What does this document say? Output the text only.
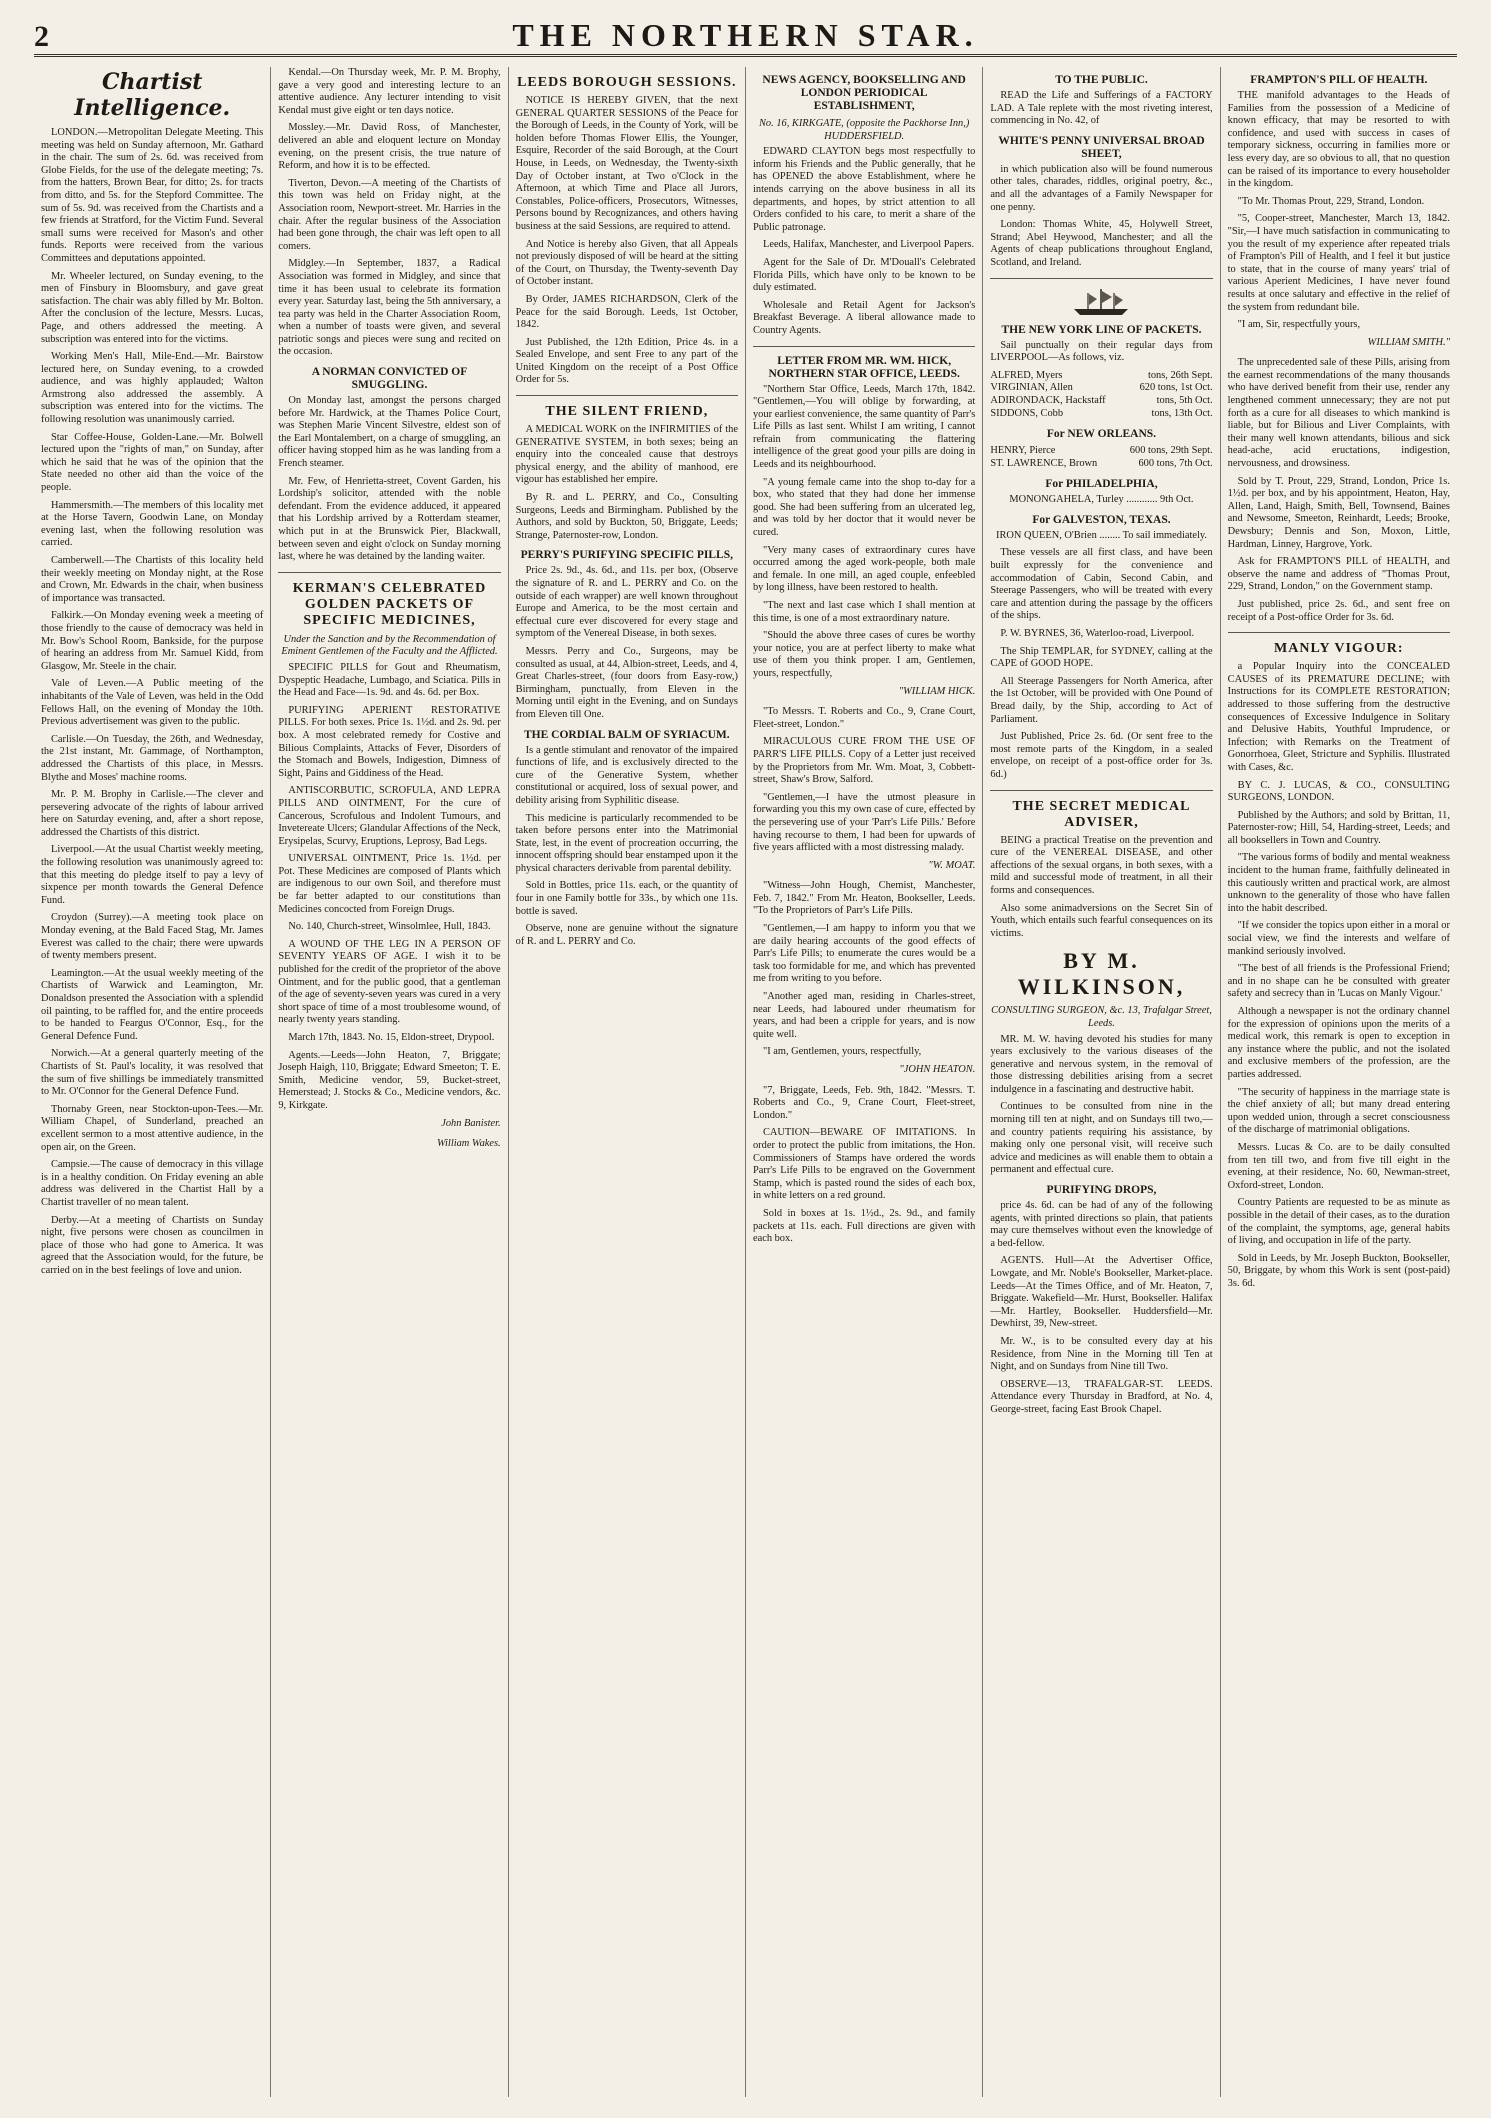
2	THE NORTHERN STAR.
Chartist Intelligence.

LONDON.—Metropolitan Delegate Meeting. This meeting was held on Sunday afternoon, Mr. Gathard in the chair. The sum of 2s. 6d. was received from Globe Fields, for the use of the delegate meeting; 7s. from the hatters, Brown Bear, for ditto; 2s. for tracts from ditto, and 5s. for the Stepford Committee. The sum of 5s. 9d. was received from the Chartists and a few friends at Stratford, for the Victim Fund. Several small sums were received for Mason's and other funds. Reports were received from the various Committees and deputations appointed.

Mr. Wheeler lectured, on Sunday evening, to the men of Finsbury in Bloomsbury, and gave great satisfaction. The chair was ably filled by Mr. Bolton. After the conclusion of the lecture, Messrs. Lucas, Page, and others addressed the meeting. A subscription was entered into for the victims.

Working Men's Hall, Mile-End.—Mr. Bairstow lectured here, on Sunday evening, to a crowded audience, and was highly applauded; Walton Armstrong also addressed the assembly. A subscription was entered into for the victims. The following resolution was unanimously carried.

Star Coffee-House, Golden-Lane.—Mr. Bolwell lectured upon the "rights of man," on Sunday, after which he said that he was of the opinion that the State needed no other aid than the voice of the people.

Hammersmith.—The members of this locality met at the Horse Tavern, Goodwin Lane, on Monday evening last, when the following resolution was carried.

Camberwell.—The Chartists of this locality held their weekly meeting on Monday night, at the Rose and Crown, Mr. Edwards in the chair, when business of importance was transacted.

Falkirk.—On Monday evening week a meeting of those friendly to the cause of democracy was held in Mr. Bow's School Room, Bankside, for the purpose of hearing an address from Mr. Samuel Kidd, from Glasgow, Mr. Steele in the chair.

Vale of Leven.—A Public meeting of the inhabitants of the Vale of Leven, was held in the Odd Fellows Hall, on the evening of Monday the 10th. Previous advertisement was given to the public.

Carlisle.—On Tuesday, the 26th, and Wednesday, the 21st instant, Mr. Gammage, of Northampton, addressed the Chartists of this place, in Messrs. Blythe and Moses' machine rooms.

Mr. P. M. Brophy in Carlisle.—The clever and persevering advocate of the rights of labour arrived here on Saturday evening, and, after a short repose, addressed the Chartists of this district.

Liverpool.—At the usual Chartist weekly meeting, the following resolution was unanimously agreed to: that this meeting do pledge itself to pay a levy of sixpence per month towards the General Defence Fund.

Croydon (Surrey).—A meeting took place on Monday evening, at the Bald Faced Stag, Mr. James Everest was called to the chair; there were upwards of twenty members present.

Leamington.—At the usual weekly meeting of the Chartists of Warwick and Leamington, Mr. Donaldson presented the Association with a splendid oil painting, to be raffled for, and the entire proceeds to be handed to Feargus O'Connor, Esq., for the General Defence Fund.

Norwich.—At a general quarterly meeting of the Chartists of St. Paul's locality, it was resolved that the sum of five shillings be immediately transmitted to Mr. O'Connor for the General Defence Fund.

Thornaby Green, near Stockton-upon-Tees.—Mr. William Chapel, of Sunderland, preached an excellent sermon to a most attentive audience, in the open air, on the Green.

Campsie.—The cause of democracy in this village is in a healthy condition. On Friday evening an able address was delivered in the Chartist Hall by a Chartist traveller of no mean talent.

Derby.—At a meeting of Chartists on Sunday night, five persons were chosen as councilmen in place of those who had gone to America. It was agreed that the Association would, for the future, be carried on in the best feelings of love and union.

Kendal.—On Thursday week, Mr. P. M. Brophy, gave a very good and interesting lecture to an attentive audience. Any lecturer intending to visit Kendal must give eight or ten days notice.

Mossley.—Mr. David Ross, of Manchester, delivered an able and eloquent lecture on Monday evening, on the present crisis, the true nature of Reform, and how it is to be effected.

Tiverton, Devon.—A meeting of the Chartists of this town was held on Friday night, at the Association room, Newport-street. Mr. Harries in the chair. After the regular business of the Association had been gone through, the chair was left open to all comers.

Midgley.—In September, 1837, a Radical Association was formed in Midgley, and since that time it has been usual to celebrate its formation every year. Saturday last, being the 5th anniversary, a tea party was held in the Charter Association Room, when a number of toasts were given, and several patriotic songs and pieces were sung and recited on the occasion.

A NORMAN CONVICTED OF SMUGGLING.

On Monday last, amongst the persons charged before Mr. Hardwick, at the Thames Police Court, was Stephen Marie Vincent Silvestre, eldest son of the Earl Montalembert, on a charge of smuggling, an officer having stopped him as he was landing from a French steamer.

Mr. Few, of Henrietta-street, Covent Garden, his Lordship's solicitor, attended with the noble defendant. From the evidence adduced, it appeared that his Lordship arrived by a Rotterdam steamer, which put in at the Brunswick Pier, Blackwall, between seven and eight o'clock on Sunday morning last, where he was detained by the landing waiter.

KERMAN'S CELEBRATED GOLDEN PACKETS OF SPECIFIC MEDICINES,
Under the Sanction and by the Recommendation of Eminent Gentlemen of the Faculty and the Afflicted.

SPECIFIC PILLS for Gout and Rheumatism, Dyspeptic Headache, Lumbago, and Sciatica. Pills in the Head and Face—1s. 9d. and 4s. 6d. per Box.

PURIFYING APERIENT RESTORATIVE PILLS. For both sexes. Price 1s. 1½d. and 2s. 9d. per box. A most celebrated remedy for Costive and Bilious Complaints, Attacks of Fever, Disorders of the Stomach and Bowels, Indigestion, Dimness of Sight, Pains and Giddiness of the Head.

ANTISCORBUTIC, SCROFULA, AND LEPRA PILLS AND OINTMENT, For the cure of Cancerous, Scrofulous and Indolent Tumours, and Invetereate Ulcers; Glandular Affections of the Neck, Erysipelas, Scurvy, Eruptions, Leprosy, Bad Legs.

UNIVERSAL OINTMENT, Price 1s. 1½d. per Pot. These Medicines are composed of Plants which are indigenous to our own Soil, and therefore must be far better adapted to our constitutions than Medicines concocted from Foreign Drugs.

No. 140, Church-street, Winsolmlee, Hull, 1843.

A WOUND OF THE LEG IN A PERSON OF SEVENTY YEARS OF AGE. I wish it to be published for the credit of the proprietor of the above Ointment, and for the public good, that a gentleman of the age of seventy-seven years was cured in a very short space of time of a most troublesome wound, of nearly twenty years standing.

March 17th, 1843. No. 15, Eldon-street, Drypool.

Agents.—Leeds—John Heaton, 7, Briggate; Joseph Haigh, 110, Briggate; Edward Smeeton; T. E. Smith, Medicine vendor, 59, Bucket-street, Hemerstead; J. Stocks & Co., Medicine vendors, &c. 9, Kirkgate.

John Banister.

William Wakes.

LEEDS BOROUGH SESSIONS.

NOTICE IS HEREBY GIVEN, that the next GENERAL QUARTER SESSIONS of the Peace for the Borough of Leeds, in the County of York, will be holden before Thomas Flower Ellis, the Younger, Esquire, Recorder of the said Borough, at the Court House, in Leeds, on Wednesday, the Twenty-sixth Day of October instant, at Two o'Clock in the Afternoon, at which Time and Place all Jurors, Constables, Police-officers, Prosecutors, Witnesses, Persons bound by Recognizances, and others having business at the said Sessions, are required to attend.

And Notice is hereby also Given, that all Appeals not previously disposed of will be heard at the sitting of the Court, on Thursday, the Twenty-seventh Day of October instant.

By Order, JAMES RICHARDSON, Clerk of the Peace for the said Borough. Leeds, 1st October, 1842.

Just Published, the 12th Edition, Price 4s. in a Sealed Envelope, and sent Free to any part of the United Kingdom on the receipt of a Post Office Order for 5s.

THE SILENT FRIEND,

A MEDICAL WORK on the INFIRMITIES of the GENERATIVE SYSTEM, in both sexes; being an enquiry into the concealed cause that destroys physical energy, and the ability of manhood, ere vigour has established her empire.

By R. and L. PERRY, and Co., Consulting Surgeons, Leeds and Birmingham. Published by the Authors, and sold by Buckton, 50, Briggate, Leeds; Strange, Paternoster-row, London.

PERRY'S PURIFYING SPECIFIC PILLS,

Price 2s. 9d., 4s. 6d., and 11s. per box, (Observe the signature of R. and L. PERRY and Co. on the outside of each wrapper) are well known throughout Europe and America, to be the most certain and effectual cure ever discovered for every stage and symptom of the Venereal Disease, in both sexes.

Messrs. Perry and Co., Surgeons, may be consulted as usual, at 44, Albion-street, Leeds, and 4, Great Charles-street, (four doors from Easy-row,) Birmingham, punctually, from Eleven in the Morning until eight in the Evening, and on Sundays from Eleven till One.

THE CORDIAL BALM OF SYRIACUM.

Is a gentle stimulant and renovator of the impaired functions of life, and is exclusively directed to the cure of the Generative System, whether constitutional or acquired, loss of sexual power, and debility arising from Syphilitic disease.

This medicine is particularly recommended to be taken before persons enter into the Matrimonial State, lest, in the event of procreation occurring, the innocent offspring should bear enstamped upon it the physical characters derivable from parental debility.

Sold in Bottles, price 11s. each, or the quantity of four in one Family bottle for 33s., by which one 11s. bottle is saved.

Observe, none are genuine without the signature of R. and L. PERRY and Co.

NEWS AGENCY, BOOKSELLING AND LONDON PERIODICAL ESTABLISHMENT,
No. 16, KIRKGATE, (opposite the Packhorse Inn,) HUDDERSFIELD.

EDWARD CLAYTON begs most respectfully to inform his Friends and the Public generally, that he has OPENED the above Establishment, where he intends carrying on the above business in all its departments, and hopes, by strict attention to all Orders confided to his care, to merit a share of the Public patronage.

Leeds, Halifax, Manchester, and Liverpool Papers.

Agent for the Sale of Dr. M'Douall's Celebrated Florida Pills, which have only to be known to be duly estimated.

Wholesale and Retail Agent for Jackson's Breakfast Beverage. A liberal allowance made to Country Agents.

LETTER FROM MR. WM. HICK, NORTHERN STAR OFFICE, LEEDS.

"Northern Star Office, Leeds, March 17th, 1842. "Gentlemen,—You will oblige by forwarding, at your earliest convenience, the same quantity of Parr's Life Pills as last sent. Whilst I am writing, I cannot refrain from communicating the flattering intelligence of the great good your pills are doing in Leeds and its neighbourhood.

"A young female came into the shop to-day for a box, who stated that they had done her immense good. She had been suffering from an ulcerated leg, and was told by her doctor that it would never be cured.

"Very many cases of extraordinary cures have occurred among the aged work-people, both male and female. In one mill, an aged couple, enfeebled by long illness, have been restored to health.

"The next and last case which I shall mention at this time, is one of a most extraordinary nature.

"Should the above three cases of cures be worthy your notice, you are at perfect liberty to make what use of them you think proper. I am, Gentlemen, yours, respectfully,

"WILLIAM HICK.

"To Messrs. T. Roberts and Co., 9, Crane Court, Fleet-street, London."

MIRACULOUS CURE FROM THE USE OF PARR'S LIFE PILLS. Copy of a Letter just received by the Proprietors from Mr. Wm. Moat, 3, Cobbett-street, Shaw's Brow, Salford.

"Gentlemen,—I have the utmost pleasure in forwarding you this my own case of cure, effected by the persevering use of your 'Parr's Life Pills.' Before having recourse to them, I had been for upwards of five years afflicted with a most distressing malady.

"W. MOAT.

"Witness—John Hough, Chemist, Manchester, Feb. 7, 1842." From Mr. Heaton, Bookseller, Leeds. "To the Proprietors of Parr's Life Pills.

"Gentlemen,—I am happy to inform you that we are daily hearing accounts of the good effects of Parr's Life Pills; to enumerate the cures would be a task too formidable for me, and which has prevented me from writing to you before.

"Another aged man, residing in Charles-street, near Leeds, had laboured under rheumatism for years, and had been a cripple for years, and is now quite well.

"I am, Gentlemen, yours, respectfully,

"JOHN HEATON.

"7, Briggate, Leeds, Feb. 9th, 1842. "Messrs. T. Roberts and Co., 9, Crane Court, Fleet-street, London."

CAUTION—BEWARE OF IMITATIONS. In order to protect the public from imitations, the Hon. Commissioners of Stamps have ordered the words Parr's Life Pills to be engraved on the Government Stamp, which is pasted round the sides of each box, in white letters on a red ground.

Sold in boxes at 1s. 1½d., 2s. 9d., and family packets at 11s. each. Full directions are given with each box.

TO THE PUBLIC.

READ the Life and Sufferings of a FACTORY LAD. A Tale replete with the most riveting interest, commencing in No. 42, of

WHITE'S PENNY UNIVERSAL BROAD SHEET,

in which publication also will be found numerous other tales, charades, riddles, original poetry, &c., and all the advantages of a Family Newspaper for one penny.

London: Thomas White, 45, Holywell Street, Strand; Abel Heywood, Manchester; and all the Agents of cheap publications throughout England, Scotland, and Ireland.

THE NEW YORK LINE OF PACKETS.

Sail punctually on their regular days from LIVERPOOL—As follows, viz.

ALFRED, Myers	tons, 26th Sept.
VIRGINIAN, Allen	620 tons, 1st Oct.
ADIRONDACK, Hackstaff	tons, 5th Oct.
SIDDONS, Cobb	tons, 13th Oct.
For NEW ORLEANS.
HENRY, Pierce	600 tons, 29th Sept.
ST. LAWRENCE, Brown	600 tons, 7th Oct.
For PHILADELPHIA,

MONONGAHELA, Turley ............ 9th Oct.

For GALVESTON, TEXAS.

IRON QUEEN, O'Brien ........ To sail immediately.

These vessels are all first class, and have been built expressly for the convenience and accommodation of Cabin, Second Cabin, and Steerage Passengers, who will be treated with every care and attention during the passage by the officers of the ships.

P. W. BYRNES, 36, Waterloo-road, Liverpool.

The Ship TEMPLAR, for SYDNEY, calling at the CAPE of GOOD HOPE.

All Steerage Passengers for North America, after the 1st October, will be provided with One Pound of Bread daily, by the Ship, according to Act of Parliament.

Just Published, Price 2s. 6d. (Or sent free to the most remote parts of the Kingdom, in a sealed envelope, on receipt of a post-office order for 3s. 6d.)

THE SECRET MEDICAL ADVISER,

BEING a practical Treatise on the prevention and cure of the VENEREAL DISEASE, and other affections of the sexual organs, in both sexes, with a mild and successful mode of treatment, in all their forms and consequences.

Also some animadversions on the Secret Sin of Youth, which entails such fearful consequences on its victims.

BY M. WILKINSON,
CONSULTING SURGEON, &c. 13, Trafalgar Street, Leeds.

MR. M. W. having devoted his studies for many years exclusively to the various diseases of the generative and nervous system, in the removal of those distressing debilities arising from a secret indulgence in a fascinating and destructive habit.

Continues to be consulted from nine in the morning till ten at night, and on Sundays till two,—and country patients requiring his assistance, by making only one personal visit, will receive such advice and medicines as will enable them to obtain a permanent and effectual cure.

PURIFYING DROPS,

price 4s. 6d. can be had of any of the following agents, with printed directions so plain, that patients may cure themselves without even the knowledge of a bed-fellow.

AGENTS. Hull—At the Advertiser Office, Lowgate, and Mr. Noble's Bookseller, Market-place. Leeds—At the Times Office, and of Mr. Heaton, 7, Briggate. Wakefield—Mr. Hurst, Bookseller. Halifax—Mr. Hartley, Bookseller. Huddersfield—Mr. Dewhirst, 39, New-street.

Mr. W., is to be consulted every day at his Residence, from Nine in the Morning till Ten at Night, and on Sundays from Nine till Two.

OBSERVE—13, TRAFALGAR-ST. LEEDS. Attendance every Thursday in Bradford, at No. 4, George-street, facing East Brook Chapel.

FRAMPTON'S PILL OF HEALTH.

THE manifold advantages to the Heads of Families from the possession of a Medicine of known efficacy, that may be resorted to with confidence, and used with success in cases of temporary sickness, occurring in families more or less every day, are so obvious to all, that no question can be raised of its importance to every householder in the kingdom.

"To Mr. Thomas Prout, 229, Strand, London.

"5, Cooper-street, Manchester, March 13, 1842. "Sir,—I have much satisfaction in communicating to you the result of my experience after repeated trials of Frampton's Pill of Health, and I feel it but justice to state, that in the course of many years' trial of various Aperient Medicines, I have never found results at once salutary and effective in the relief of the system from redundant bile.

"I am, Sir, respectfully yours,

WILLIAM SMITH."

The unprecedented sale of these Pills, arising from the earnest recommendations of the many thousands who have derived benefit from their use, render any lengthened comment unnecessary; they are not put forth as a cure for all diseases to which mankind is liable, but for Bilious and Liver Complaints, with their many well known attendants, bilious and sick head-ache, acid eructations, indigestion, nervousness, and drowsiness.

Sold by T. Prout, 229, Strand, London, Price 1s. 1½d. per box, and by his appointment, Heaton, Hay, Allen, Land, Haigh, Smith, Bell, Townsend, Baines and Newsome, Smeeton, Reinhardt, Leeds; Brooke, Dewsbury; Dennis and Son, Moxon, Little, Hardman, Linney, Hargrove, York.

Ask for FRAMPTON'S PILL of HEALTH, and observe the name and address of "Thomas Prout, 229, Strand, London," on the Government stamp.

Just published, price 2s. 6d., and sent free on receipt of a Post-office Order for 3s. 6d.

MANLY VIGOUR:

a Popular Inquiry into the CONCEALED CAUSES of its PREMATURE DECLINE; with Instructions for its COMPLETE RESTORATION; addressed to those suffering from the destructive consequences of Excessive Indulgence in Solitary and Delusive Habits, Youthful Imprudence, or Infection; with Remarks on the Treatment of Gonorrhoea, Gleet, Stricture and Syphilis. Illustrated with Cases, &c.

BY C. J. LUCAS, & CO., CONSULTING SURGEONS, LONDON.

Published by the Authors; and sold by Brittan, 11, Paternoster-row; Hill, 54, Harding-street, Leeds; and all booksellers in Town and Country.

"The various forms of bodily and mental weakness incident to the human frame, faithfully delineated in this cautiously written and practical work, are almost unknown to the generality of those who have fallen into the habit described.

"If we consider the topics upon either in a moral or social view, we find the interests and welfare of mankind seriously involved.

"The best of all friends is the Professional Friend; and in no shape can he be consulted with greater safety and secrecy than in 'Lucas on Manly Vigour.'

Although a newspaper is not the ordinary channel for the expression of opinions upon the merits of a medical work, this remark is open to exception in any instance where the public, and not the isolated and exclusive members of the profession, are the parties addressed.

"The security of happiness in the marriage state is the chief anxiety of all; but many dread entering upon wedded union, through a secret consciousness of the discharge of matrimonial obligations.

Messrs. Lucas & Co. are to be daily consulted from ten till two, and from five till eight in the evening, at their residence, No. 60, Newman-street, Oxford-street, London.

Country Patients are requested to be as minute as possible in the detail of their cases, as to the duration of the complaint, the symptoms, age, general habits of living, and occupation in life of the party.

Sold in Leeds, by Mr. Joseph Buckton, Bookseller, 50, Briggate, by whom this Work is sent (post-paid) 3s. 6d.
